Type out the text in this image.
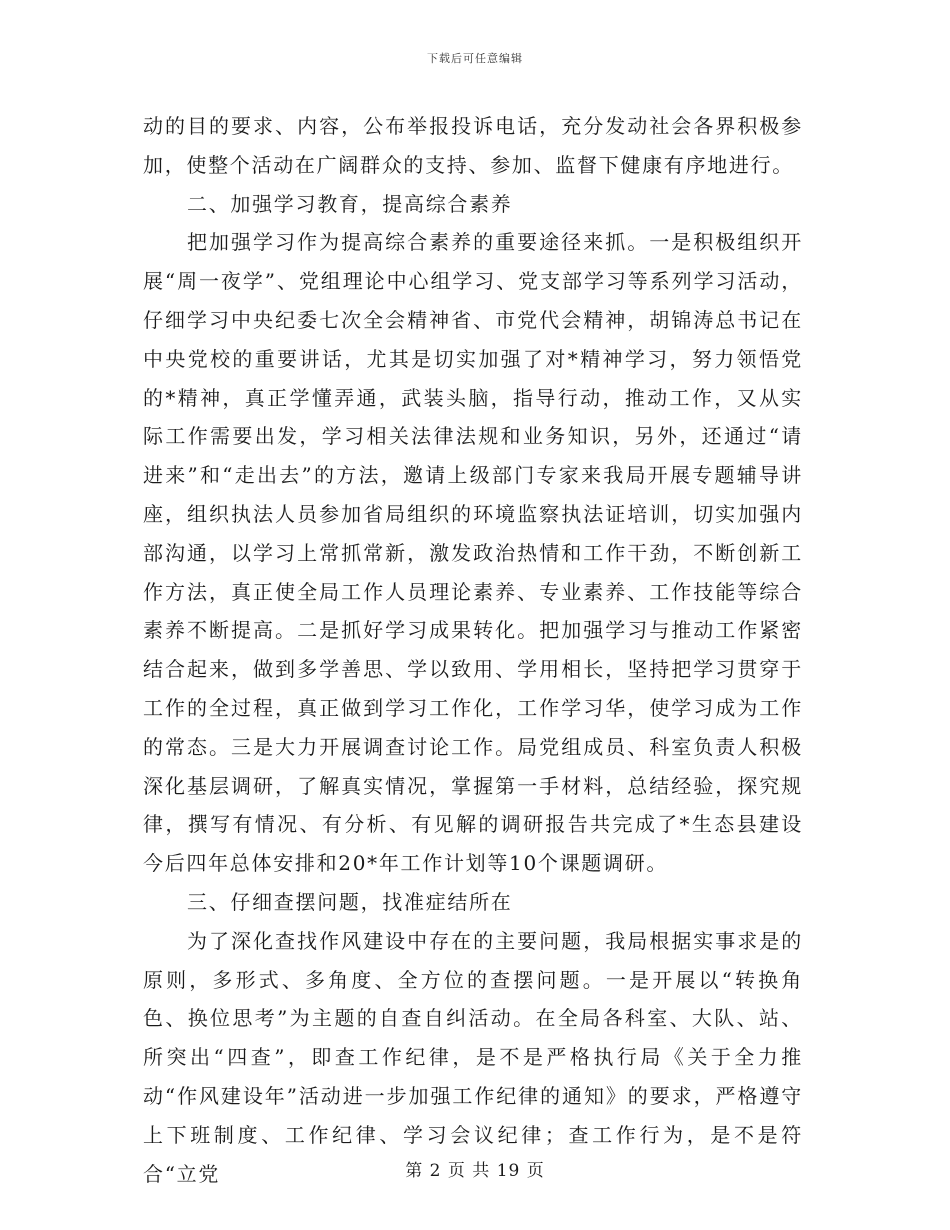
下载后可任意编辑

动的目的要求、内容，公布举报投诉电话，充分发动社会各界积极参加，使整个活动在广阔群众的支持、参加、监督下健康有序地进行。

二、加强学习教育，提高综合素养

把加强学习作为提高综合素养的重要途径来抓。一是积极组织开展“周一夜学”、党组理论中心组学习、党支部学习等系列学习活动，仔细学习中央纪委七次全会精神省、市党代会精神，胡锦涛总书记在中央党校的重要讲话，尤其是切实加强了对*精神学习，努力领悟党的*精神，真正学懂弄通，武装头脑，指导行动，推动工作，又从实际工作需要出发，学习相关法律法规和业务知识，另外，还通过“请进来”和“走出去”的方法，邀请上级部门专家来我局开展专题辅导讲座，组织执法人员参加省局组织的环境监察执法证培训，切实加强内部沟通，以学习上常抓常新，激发政治热情和工作干劲，不断创新工作方法，真正使全局工作人员理论素养、专业素养、工作技能等综合素养不断提高。二是抓好学习成果转化。把加强学习与推动工作紧密结合起来，做到多学善思、学以致用、学用相长，坚持把学习贯穿于工作的全过程，真正做到学习工作化，工作学习华，使学习成为工作的常态。三是大力开展调查讨论工作。局党组成员、科室负责人积极深化基层调研，了解真实情况，掌握第一手材料，总结经验，探究规律，撰写有情况、有分析、有见解的调研报告共完成了*生态县建设今后四年总体安排和20*年工作计划等10个课题调研。

三、仔细查摆问题，找准症结所在

为了深化查找作风建设中存在的主要问题，我局根据实事求是的原则，多形式、多角度、全方位的查摆问题。一是开展以“转换角色、换位思考”为主题的自查自纠活动。在全局各科室、大队、站、所突出“四查”，即查工作纪律，是不是严格执行局《关于全力推动“作风建设年”活动进一步加强工作纪律的通知》的要求，严格遵守上下班制度、工作纪律、学习会议纪律；查工作行为，是不是符合“立党	第 2 页 共 19 页
